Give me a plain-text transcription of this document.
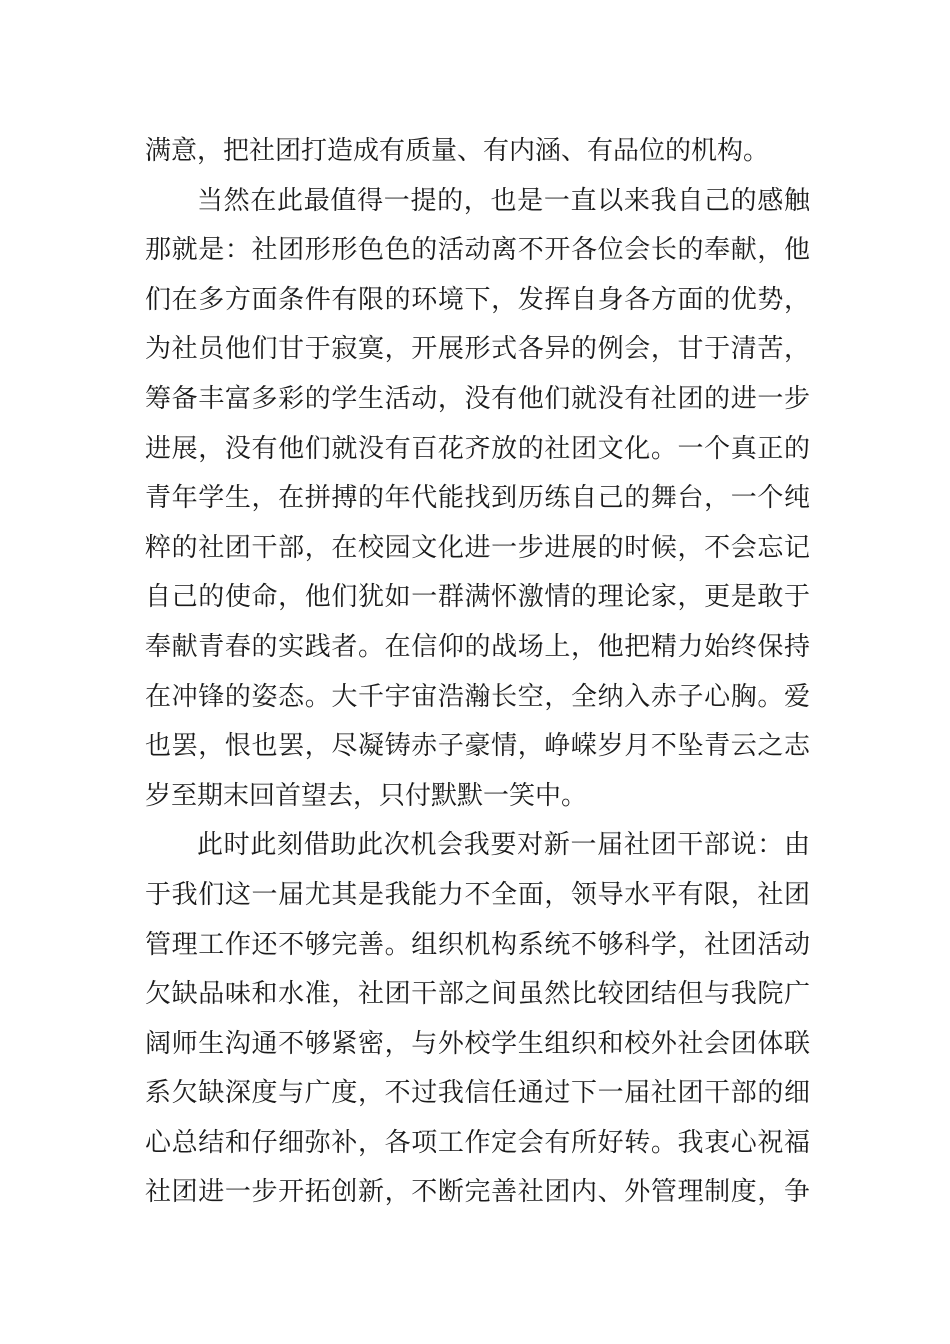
满意，把社团打造成有质量、有内涵、有品位的机构。
当然在此最值得一提的，也是一直以来我自己的感触
那就是：社团形形色色的活动离不开各位会长的奉献，他
们在多方面条件有限的环境下，发挥自身各方面的优势，
为社员他们甘于寂寞，开展形式各异的例会，甘于清苦，
筹备丰富多彩的学生活动，没有他们就没有社团的进一步
进展，没有他们就没有百花齐放的社团文化。一个真正的
青年学生，在拼搏的年代能找到历练自己的舞台，一个纯
粹的社团干部，在校园文化进一步进展的时候，不会忘记
自己的使命，他们犹如一群满怀激情的理论家，更是敢于
奉献青春的实践者。在信仰的战场上，他把精力始终保持
在冲锋的姿态。大千宇宙浩瀚长空，全纳入赤子心胸。爱
也罢，恨也罢，尽凝铸赤子豪情，峥嵘岁月不坠青云之志
岁至期末回首望去，只付默默一笑中。
此时此刻借助此次机会我要对新一届社团干部说：由
于我们这一届尤其是我能力不全面，领导水平有限，社团
管理工作还不够完善。组织机构系统不够科学，社团活动
欠缺品味和水准，社团干部之间虽然比较团结但与我院广
阔师生沟通不够紧密，与外校学生组织和校外社会团体联
系欠缺深度与广度，不过我信任通过下一届社团干部的细
心总结和仔细弥补，各项工作定会有所好转。我衷心祝福
社团进一步开拓创新，不断完善社团内、外管理制度，争
